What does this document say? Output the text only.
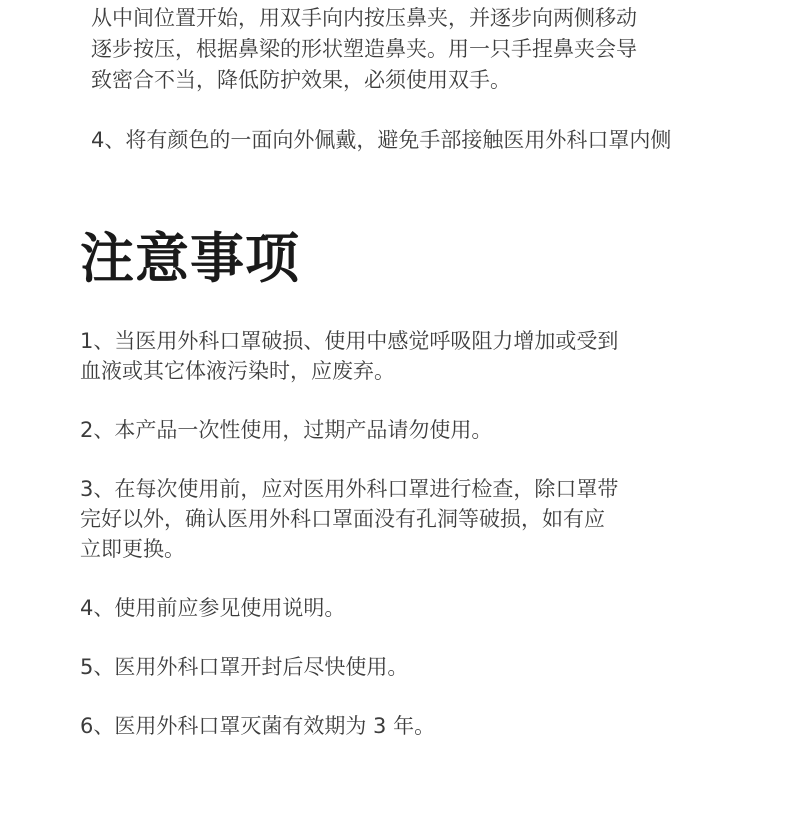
从中间位置开始，用双手向内按压鼻夹，并逐步向两侧移动
逐步按压，根据鼻梁的形状塑造鼻夹。用一只手捏鼻夹会导
致密合不当，降低防护效果，必须使用双手。

4、将有颜色的一面向外佩戴，避免手部接触医用外科口罩内侧

注意事项

1、当医用外科口罩破损、使用中感觉呼吸阻力增加或受到
血液或其它体液污染时，应废弃。

2、本产品一次性使用，过期产品请勿使用。

3、在每次使用前，应对医用外科口罩进行检查，除口罩带
完好以外，确认医用外科口罩面没有孔洞等破损，如有应
立即更换。

4、使用前应参见使用说明。

5、医用外科口罩开封后尽快使用。

6、医用外科口罩灭菌有效期为 3 年。
